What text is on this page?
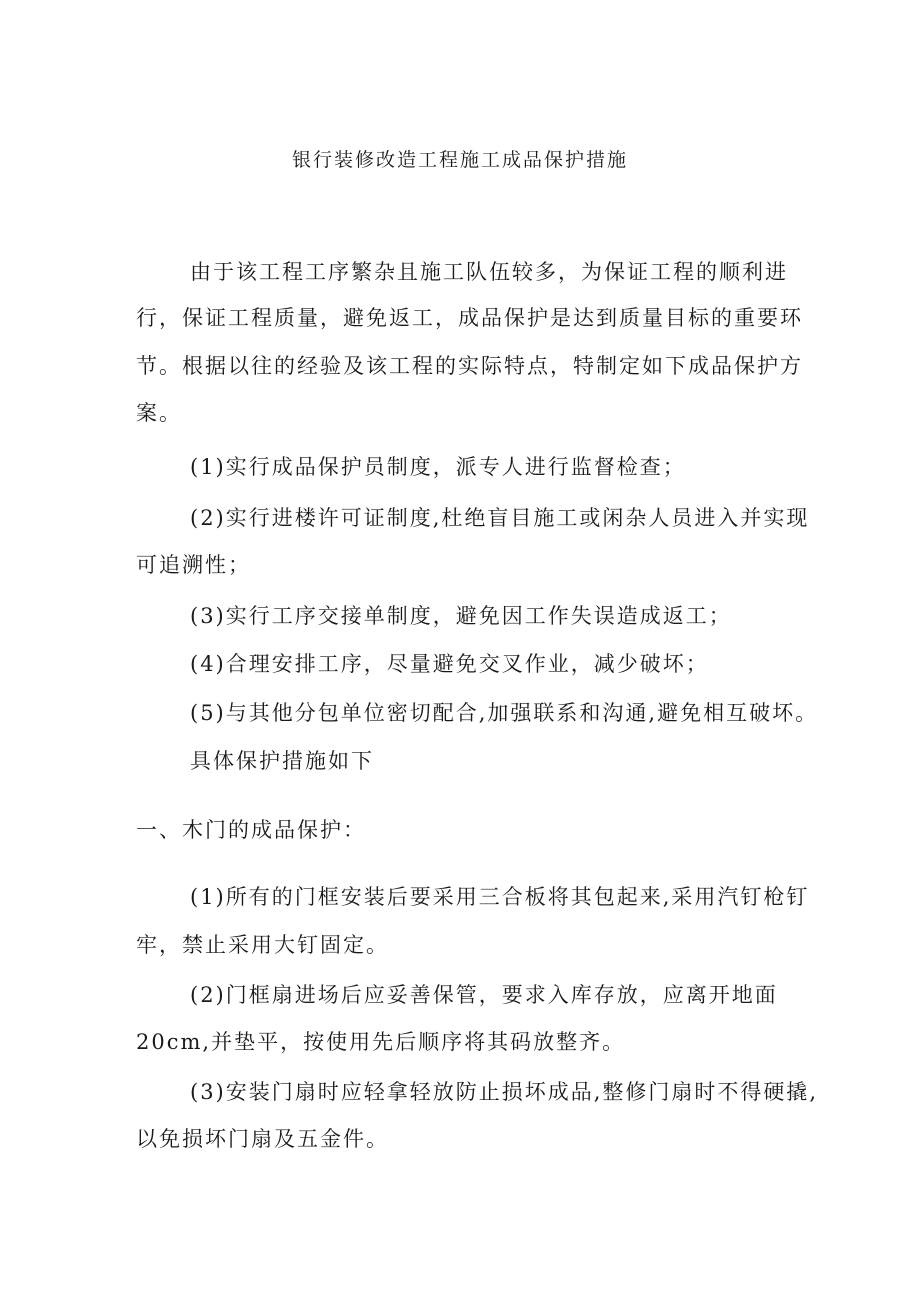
银行装修改造工程施工成品保护措施
由于该工程工序繁杂且施工队伍较多，为保证工程的顺利进
行，保证工程质量，避免返工，成品保护是达到质量目标的重要环
节。根据以往的经验及该工程的实际特点，特制定如下成品保护方
案。
(1)实行成品保护员制度，派专人进行监督检查；
(2)实行进楼许可证制度,杜绝盲目施工或闲杂人员进入并实现
可追溯性；
(3)实行工序交接单制度，避免因工作失误造成返工；
(4)合理安排工序，尽量避免交叉作业，减少破坏；
(5)与其他分包单位密切配合,加强联系和沟通,避免相互破坏。
具体保护措施如下
一、木门的成品保护：
(1)所有的门框安装后要采用三合板将其包起来,采用汽钉枪钉
牢，禁止采用大钉固定。
(2)门框扇进场后应妥善保管，要求入库存放，应离开地面
20cm,并垫平，按使用先后顺序将其码放整齐。
(3)安装门扇时应轻拿轻放防止损坏成品,整修门扇时不得硬撬,
以免损坏门扇及五金件。
